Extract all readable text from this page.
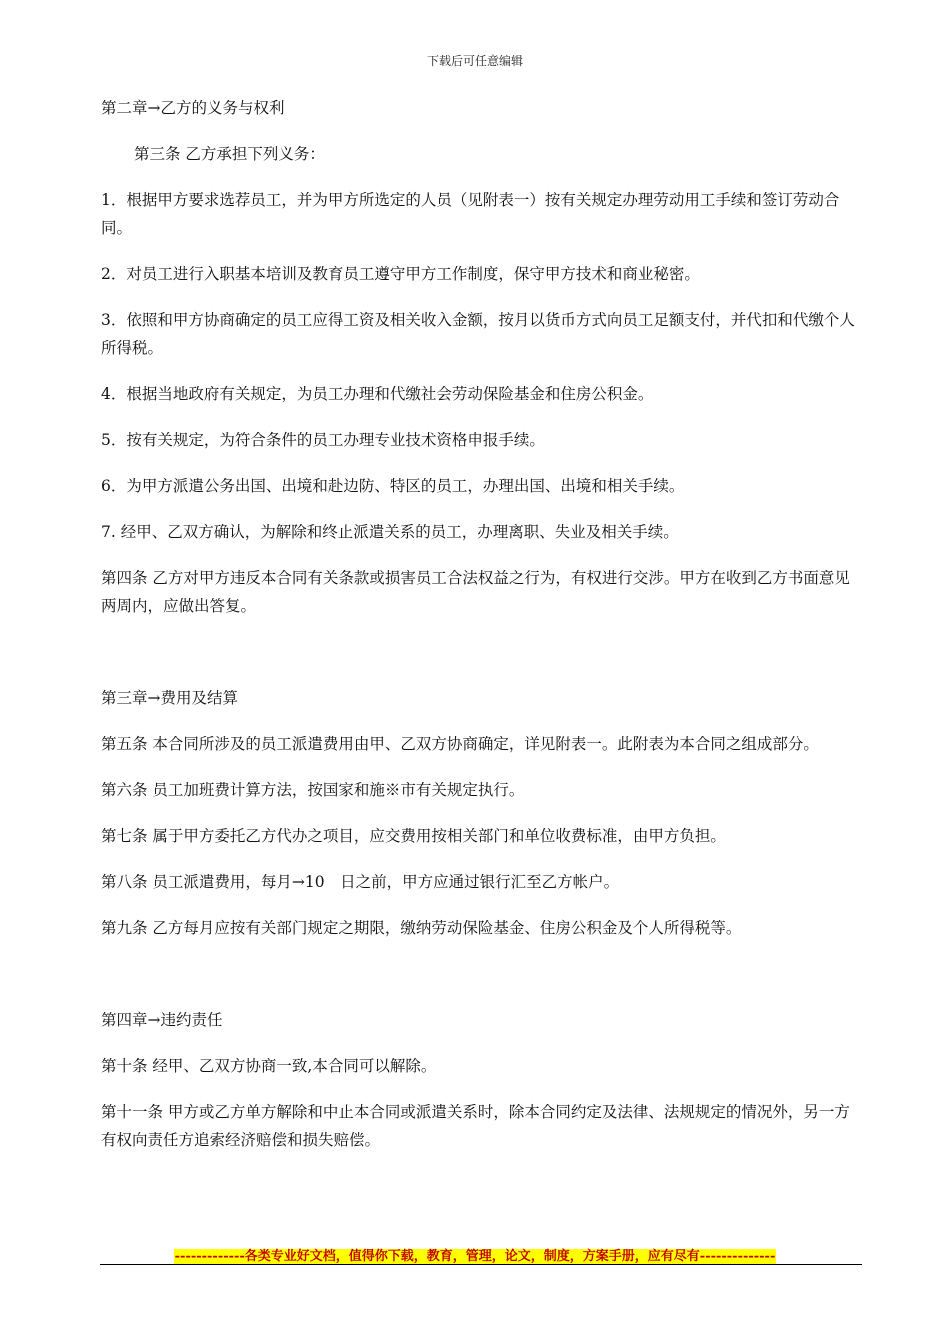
下载后可任意编辑

第二章→乙方的义务与权利

第三条 乙方承担下列义务：

1．根据甲方要求选荐员工，并为甲方所选定的人员（见附表一）按有关规定办理劳动用工手续和签订劳动合同。

2．对员工进行入职基本培训及教育员工遵守甲方工作制度，保守甲方技术和商业秘密。

3．依照和甲方协商确定的员工应得工资及相关收入金额，按月以货币方式向员工足额支付，并代扣和代缴个人所得税。

4．根据当地政府有关规定，为员工办理和代缴社会劳动保险基金和住房公积金。

5．按有关规定，为符合条件的员工办理专业技术资格申报手续。

6．为甲方派遣公务出国、出境和赴边防、特区的员工，办理出国、出境和相关手续。

7. 经甲、乙双方确认，为解除和终止派遣关系的员工，办理离职、失业及相关手续。

第四条 乙方对甲方违反本合同有关条款或损害员工合法权益之行为，有权进行交涉。甲方在收到乙方书面意见两周内，应做出答复。

第三章→费用及结算

第五条 本合同所涉及的员工派遣费用由甲、乙双方协商确定，详见附表一。此附表为本合同之组成部分。

第六条 员工加班费计算方法，按国家和施※市有关规定执行。

第七条 属于甲方委托乙方代办之项目，应交费用按相关部门和单位收费标准，由甲方负担。

第八条 员工派遣费用，每月→10　日之前，甲方应通过银行汇至乙方帐户。

第九条 乙方每月应按有关部门规定之期限，缴纳劳动保险基金、住房公积金及个人所得税等。

第四章→违约责任

第十条 经甲、乙双方协商一致,本合同可以解除。

第十一条 甲方或乙方单方解除和中止本合同或派遣关系时，除本合同约定及法律、法规规定的情况外，另一方有权向责任方追索经济赔偿和损失赔偿。

-------------各类专业好文档，值得你下载，教育，管理，论文，制度，方案手册，应有尽有--------------
